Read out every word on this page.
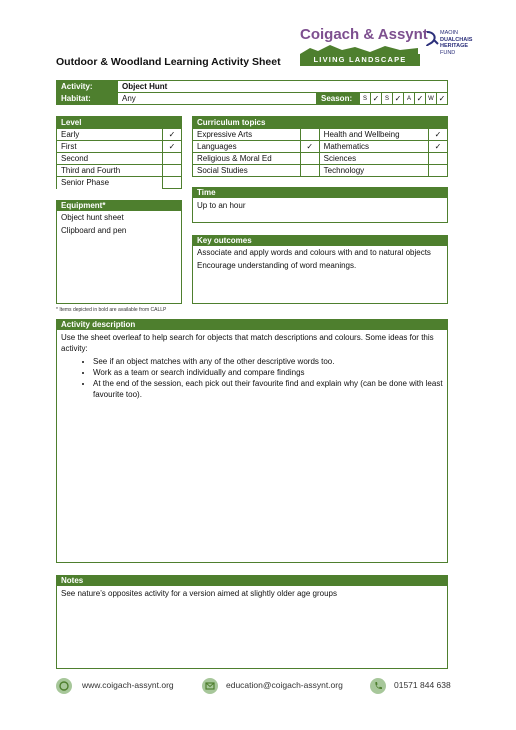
Coigach & Assynt
LIVING LANDSCAPE
MAOIN
DUALCHAIS
HERITAGE
FUND
Outdoor & Woodland Learning Activity Sheet
Activity:	Object Hunt									
Habitat:	Any	Season:	S	✓	S	✓	A	✓	W	✓
Level	
Early	✓
First	✓
Second	
Third and Fourth	
Senior Phase	
Curriculum topics			
Expressive Arts		Health and Wellbeing	✓
Languages	✓	Mathematics	✓
Religious & Moral Ed		Sciences	
Social Studies		Technology	
Time
Up to an hour
Equipment*
Object hunt sheet
Clipboard and pen
Key outcomes
Associate and apply words and colours with and to natural objects
Encourage understanding of word meanings.
* Items depicted in bold are available from CALLP
Activity description
Use the sheet overleaf to help search for objects that match descriptions and colours. Some ideas for this activity:
• See if an object matches with any of the other descriptive words too.
• Work as a team or search individually and compare findings
• At the end of the session, each pick out their favourite find and explain why (can be done with least favourite too).
Notes
See nature’s opposites activity for a version aimed at slightly older age groups
www.coigach-assynt.org	education@coigach-assynt.org	01571 844 638
